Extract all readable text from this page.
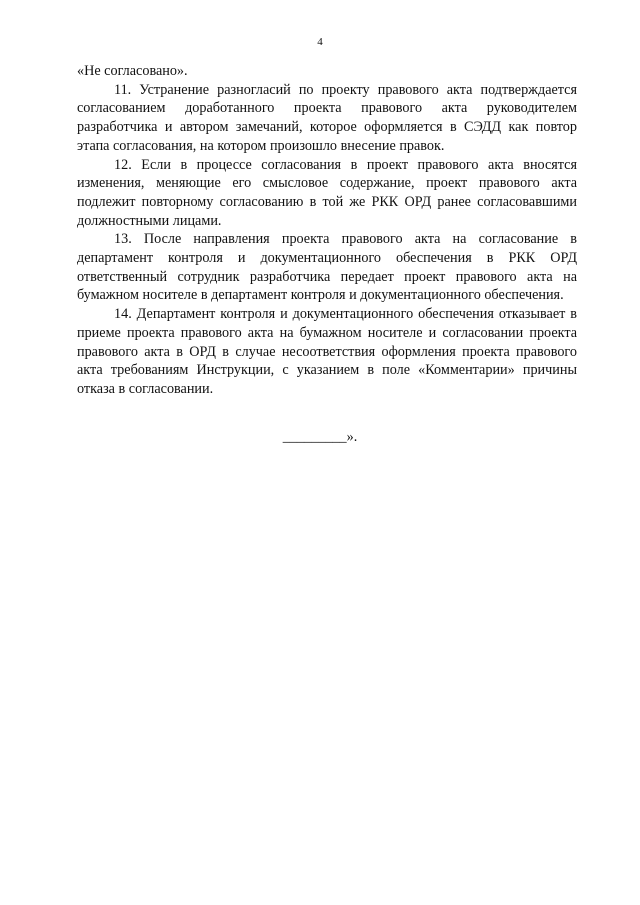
4

«Не согласовано».

11. Устранение разногласий по проекту правового акта подтверждается согласованием доработанного проекта правового акта руководителем разработчика и автором замечаний, которое оформляется в СЭДД как повтор этапа согласования, на котором произошло внесение правок.

12. Если в процессе согласования в проект правового акта вносятся изменения, меняющие его смысловое содержание, проект правового акта подлежит повторному согласованию в той же РКК ОРД ранее согласовавшими должностными лицами.

13. После направления проекта правового акта на согласование в департамент контроля и документационного обеспечения в РКК ОРД ответственный сотрудник разработчика передает проект правового акта на бумажном носителе в департамент контроля и документационного обеспечения.

14. Департамент контроля и документационного обеспечения отказывает в приеме проекта правового акта на бумажном носителе и согласовании проекта правового акта в ОРД в случае несоответствия оформления проекта правового акта требованиям Инструкции, с указанием в поле «Комментарии» причины отказа в согласовании.

_________».
